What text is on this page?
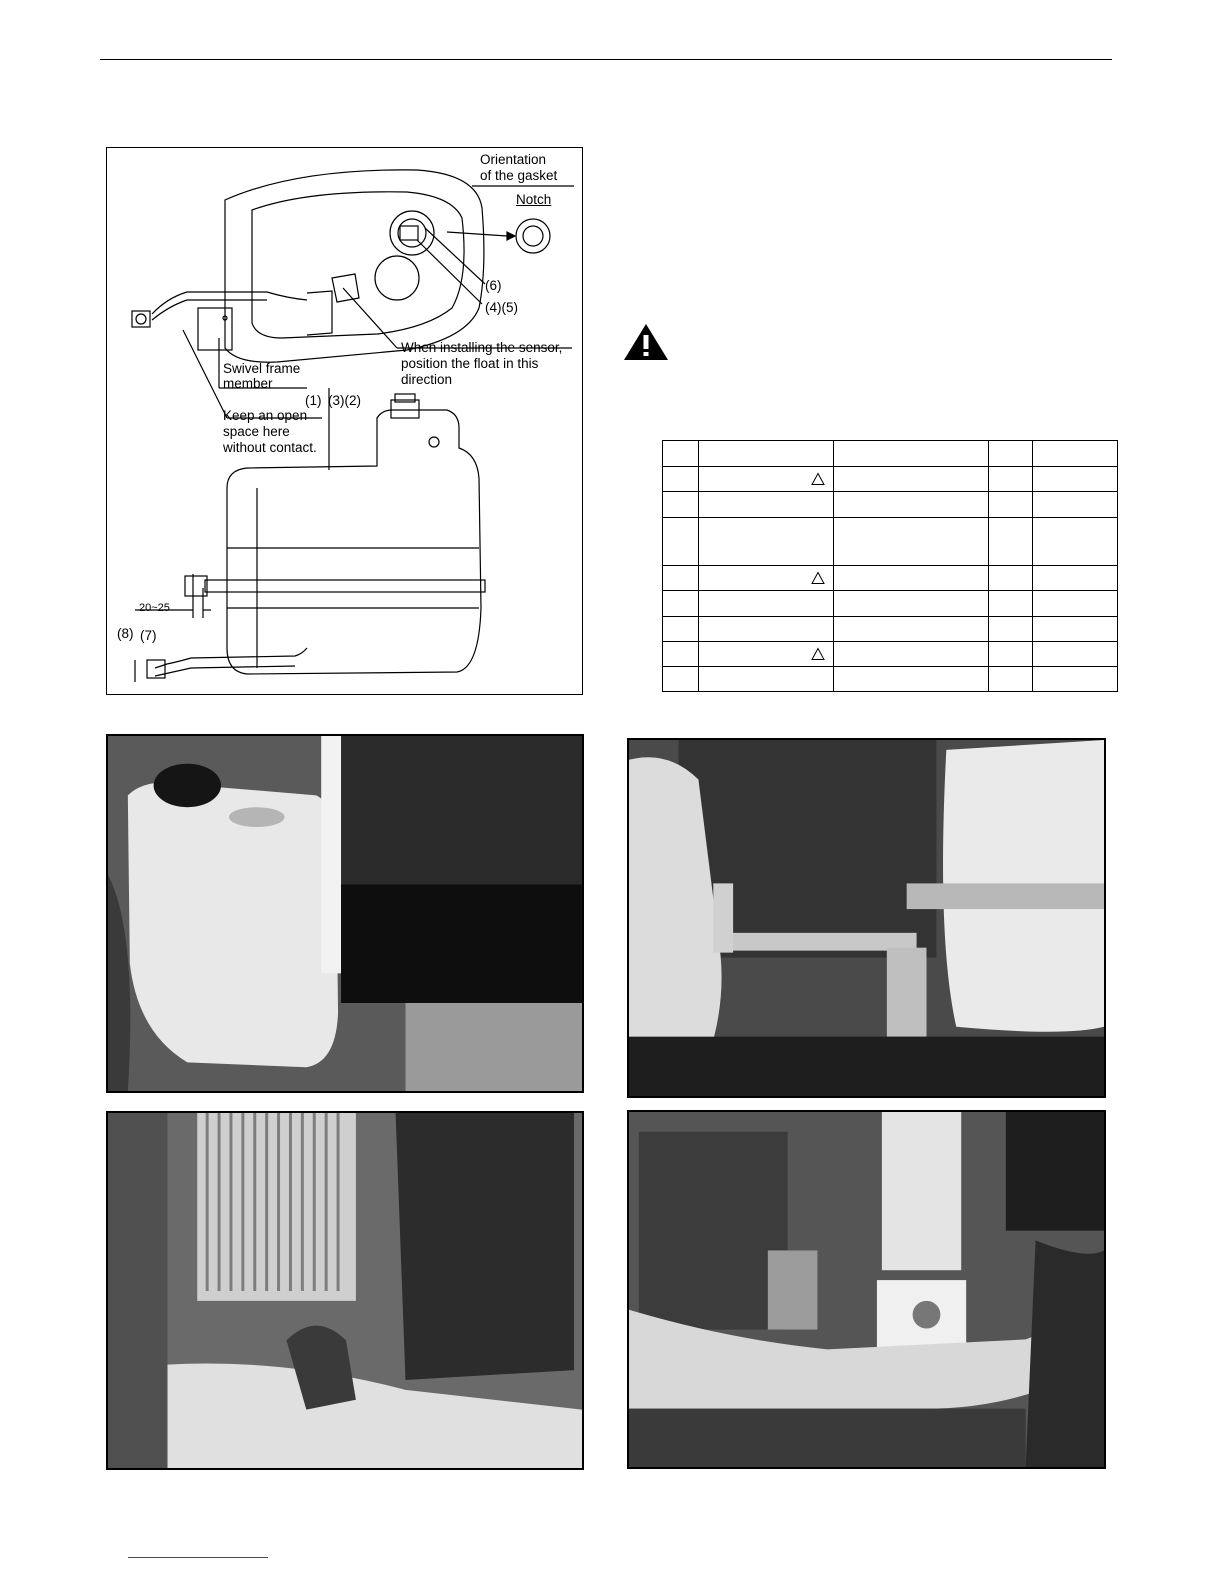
Orientation
of the gasket
Notch
(6)
(4)(5)
When installing the sensor,
position the float in this
direction
Swivel frame
member
(1) (3)(2)
Keep an open
space here
without contact.
20~25
(8) (7)
